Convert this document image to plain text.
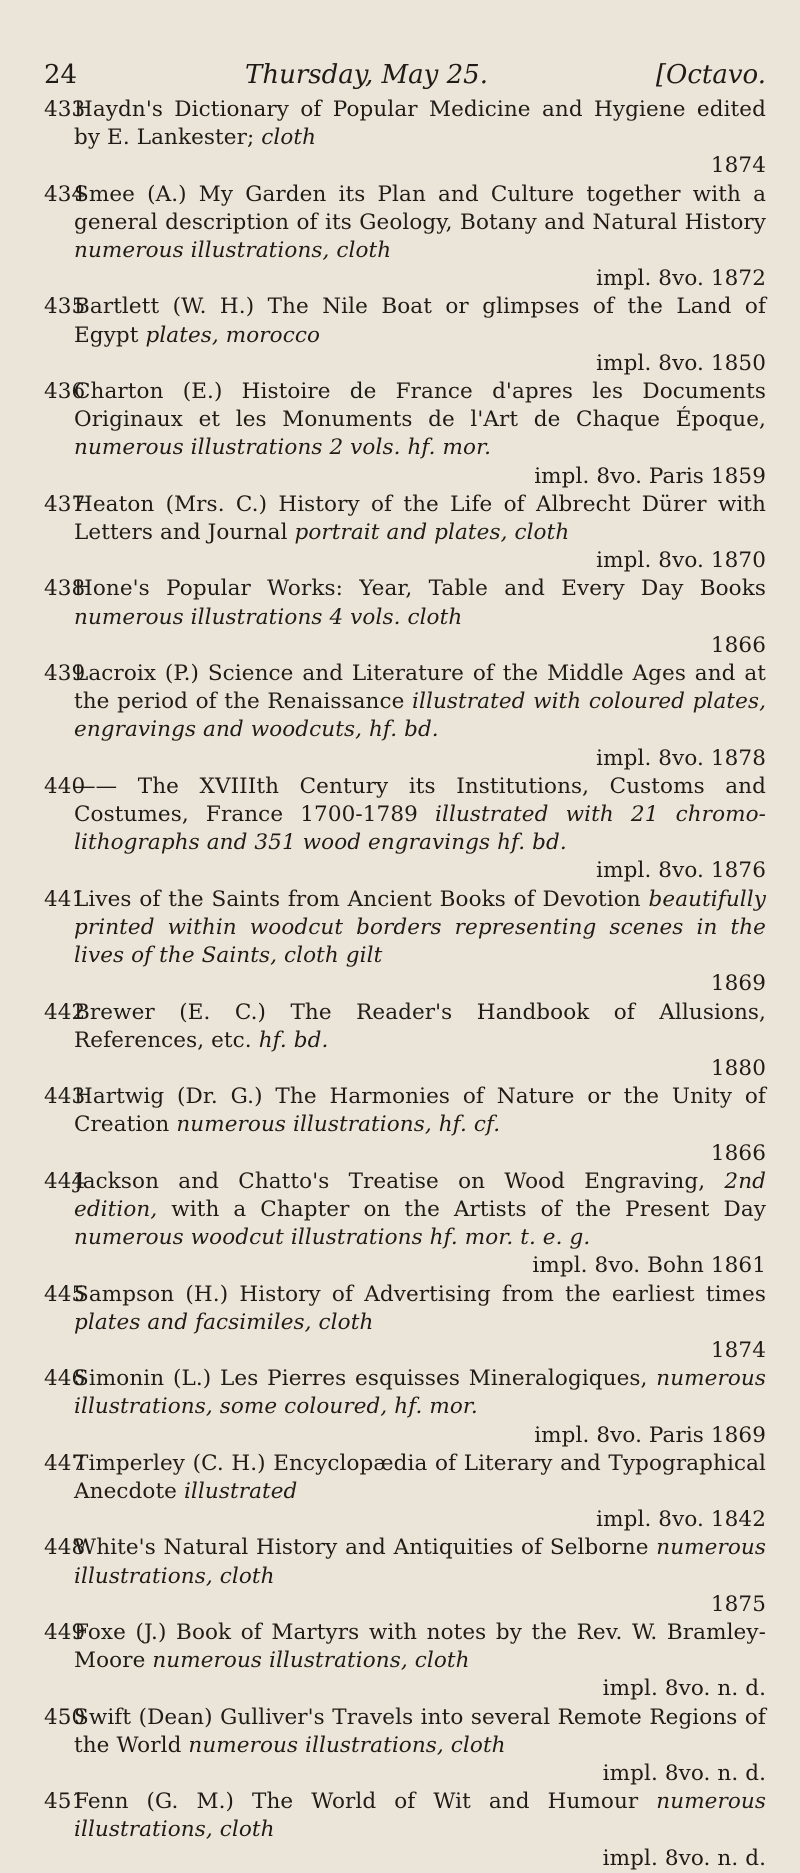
24	Thursday, May 25.	[Octavo.
433
Haydn's Dictionary of Popular Medicine and Hygiene edited by E. Lankester; cloth
1874
434
Smee (A.) My Garden its Plan and Culture together with a general description of its Geology, Botany and Natural History numerous illustrations, cloth
impl. 8vo. 1872
435
Bartlett (W. H.) The Nile Boat or glimpses of the Land of Egypt plates, morocco
impl. 8vo. 1850
436
Charton (E.) Histoire de France d'apres les Documents Originaux et les Monuments de l'Art de Chaque Époque, numerous illustrations 2 vols. hf. mor.
impl. 8vo. Paris 1859
437
Heaton (Mrs. C.) History of the Life of Albrecht Dürer with Letters and Journal portrait and plates, cloth
impl. 8vo. 1870
438
Hone's Popular Works: Year, Table and Every Day Books numerous illustrations 4 vols. cloth
1866
439
Lacroix (P.) Science and Literature of the Middle Ages and at the period of the Renaissance illustrated with coloured plates, engravings and woodcuts, hf. bd.
impl. 8vo. 1878
440
—— The XVIIIth Century its Institutions, Customs and Costumes, France 1700-1789 illustrated with 21 chromo-lithographs and 351 wood engravings hf. bd.
impl. 8vo. 1876
441
Lives of the Saints from Ancient Books of Devotion beautifully printed within woodcut borders representing scenes in the lives of the Saints, cloth gilt
1869
442
Brewer (E. C.) The Reader's Handbook of Allusions, References, etc. hf. bd.
1880
443
Hartwig (Dr. G.) The Harmonies of Nature or the Unity of Creation numerous illustrations, hf. cf.
1866
444
Jackson and Chatto's Treatise on Wood Engraving, 2nd edition, with a Chapter on the Artists of the Present Day numerous woodcut illustrations hf. mor. t. e. g.
impl. 8vo. Bohn 1861
445
Sampson (H.) History of Advertising from the earliest times plates and facsimiles, cloth
1874
446
Simonin (L.) Les Pierres esquisses Mineralogiques, numerous illustrations, some coloured, hf. mor.
impl. 8vo. Paris 1869
447
Timperley (C. H.) Encyclopædia of Literary and Typographical Anecdote illustrated
impl. 8vo. 1842
448
White's Natural History and Antiquities of Selborne numerous illustrations, cloth
1875
449
Foxe (J.) Book of Martyrs with notes by the Rev. W. Bramley-Moore numerous illustrations, cloth
impl. 8vo. n. d.
450
Swift (Dean) Gulliver's Travels into several Remote Regions of the World numerous illustrations, cloth
impl. 8vo. n. d.
451
Fenn (G. M.) The World of Wit and Humour numerous illustrations, cloth
impl. 8vo. n. d.
